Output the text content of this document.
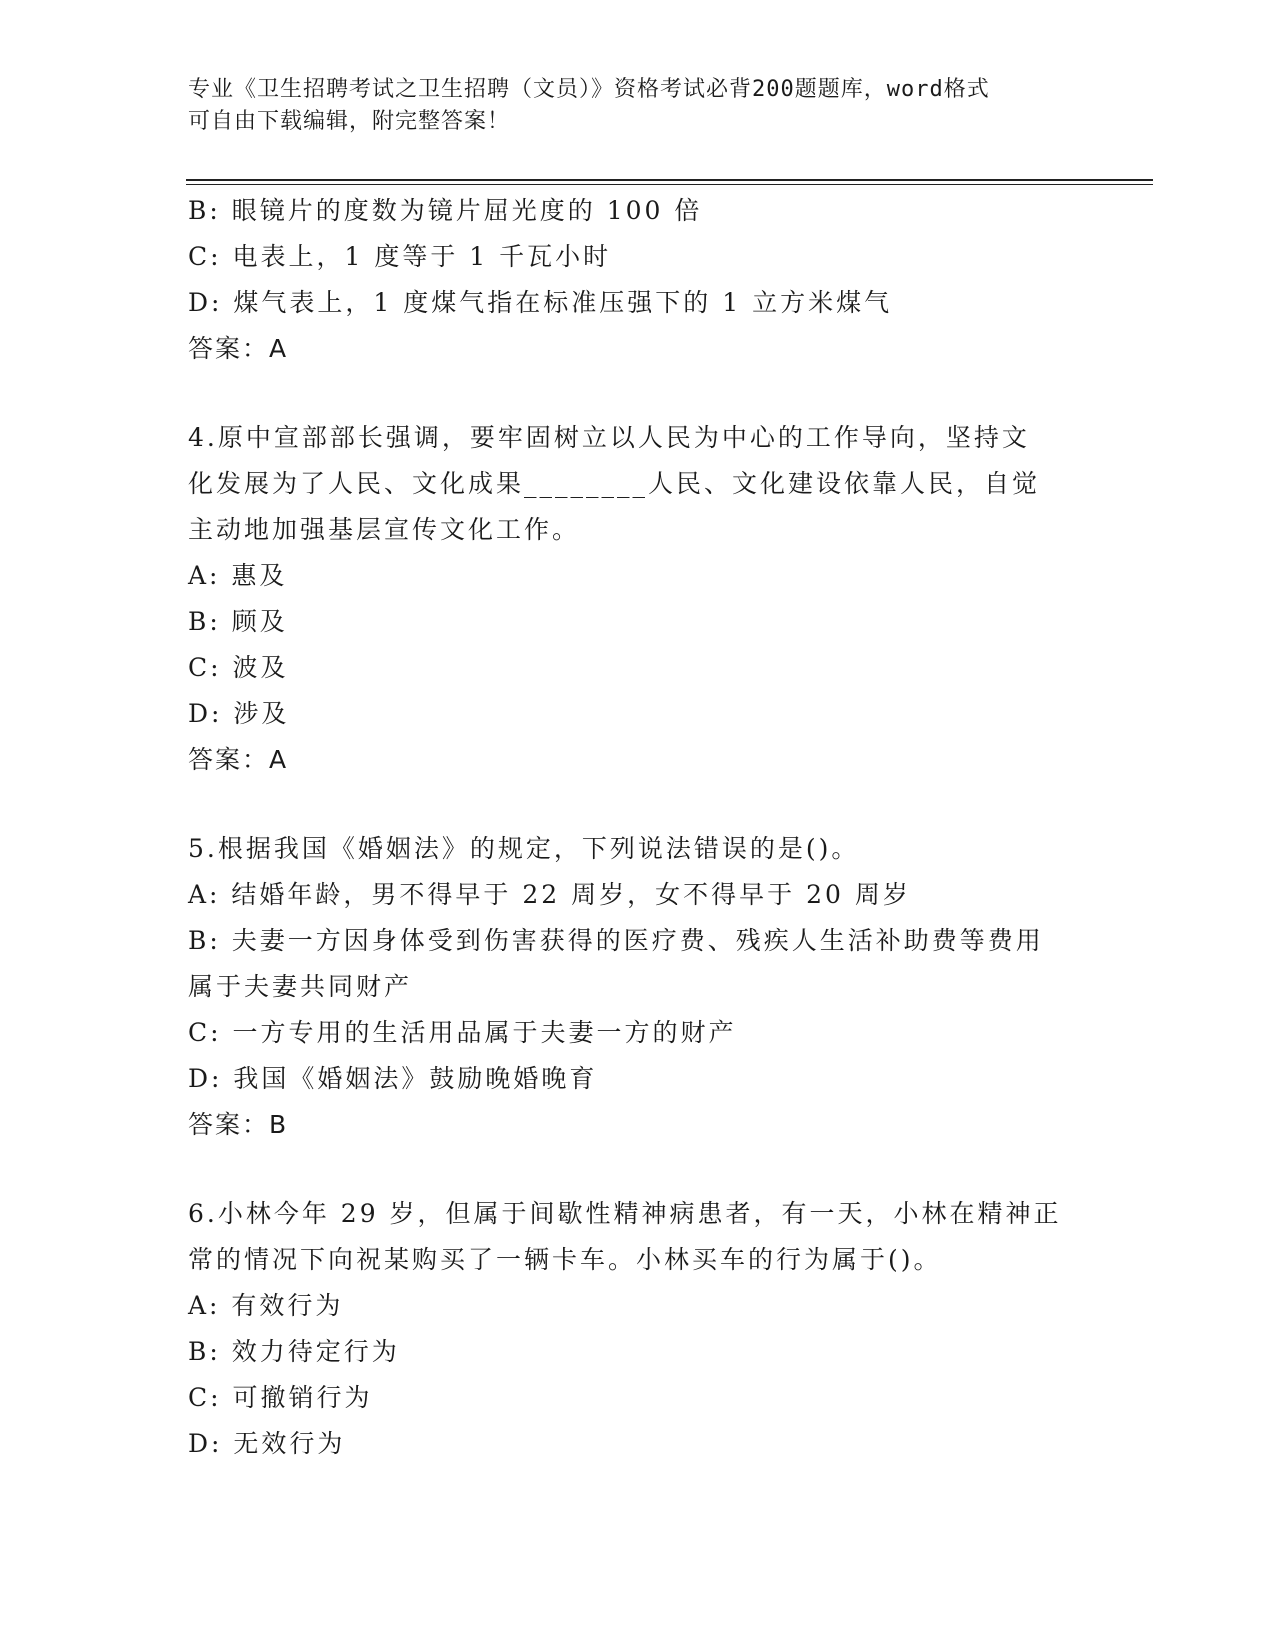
专业《卫生招聘考试之卫生招聘（文员）》资格考试必背200题题库，word格式
可自由下载编辑，附完整答案！
B: 眼镜片的度数为镜片屈光度的 100 倍
C: 电表上，1 度等于 1 千瓦小时
D: 煤气表上，1 度煤气指在标准压强下的 1 立方米煤气
答案：A
4.原中宣部部长强调，要牢固树立以人民为中心的工作导向，坚持文
化发展为了人民、文化成果________人民、文化建设依靠人民，自觉
主动地加强基层宣传文化工作。
A: 惠及
B: 顾及
C: 波及
D: 涉及
答案：A
5.根据我国《婚姻法》的规定，下列说法错误的是()。
A: 结婚年龄，男不得早于 22 周岁，女不得早于 20 周岁
B: 夫妻一方因身体受到伤害获得的医疗费、残疾人生活补助费等费用
属于夫妻共同财产
C: 一方专用的生活用品属于夫妻一方的财产
D: 我国《婚姻法》鼓励晚婚晚育
答案：B
6.小林今年 29 岁，但属于间歇性精神病患者，有一天，小林在精神正
常的情况下向祝某购买了一辆卡车。小林买车的行为属于()。
A: 有效行为
B: 效力待定行为
C: 可撤销行为
D: 无效行为
